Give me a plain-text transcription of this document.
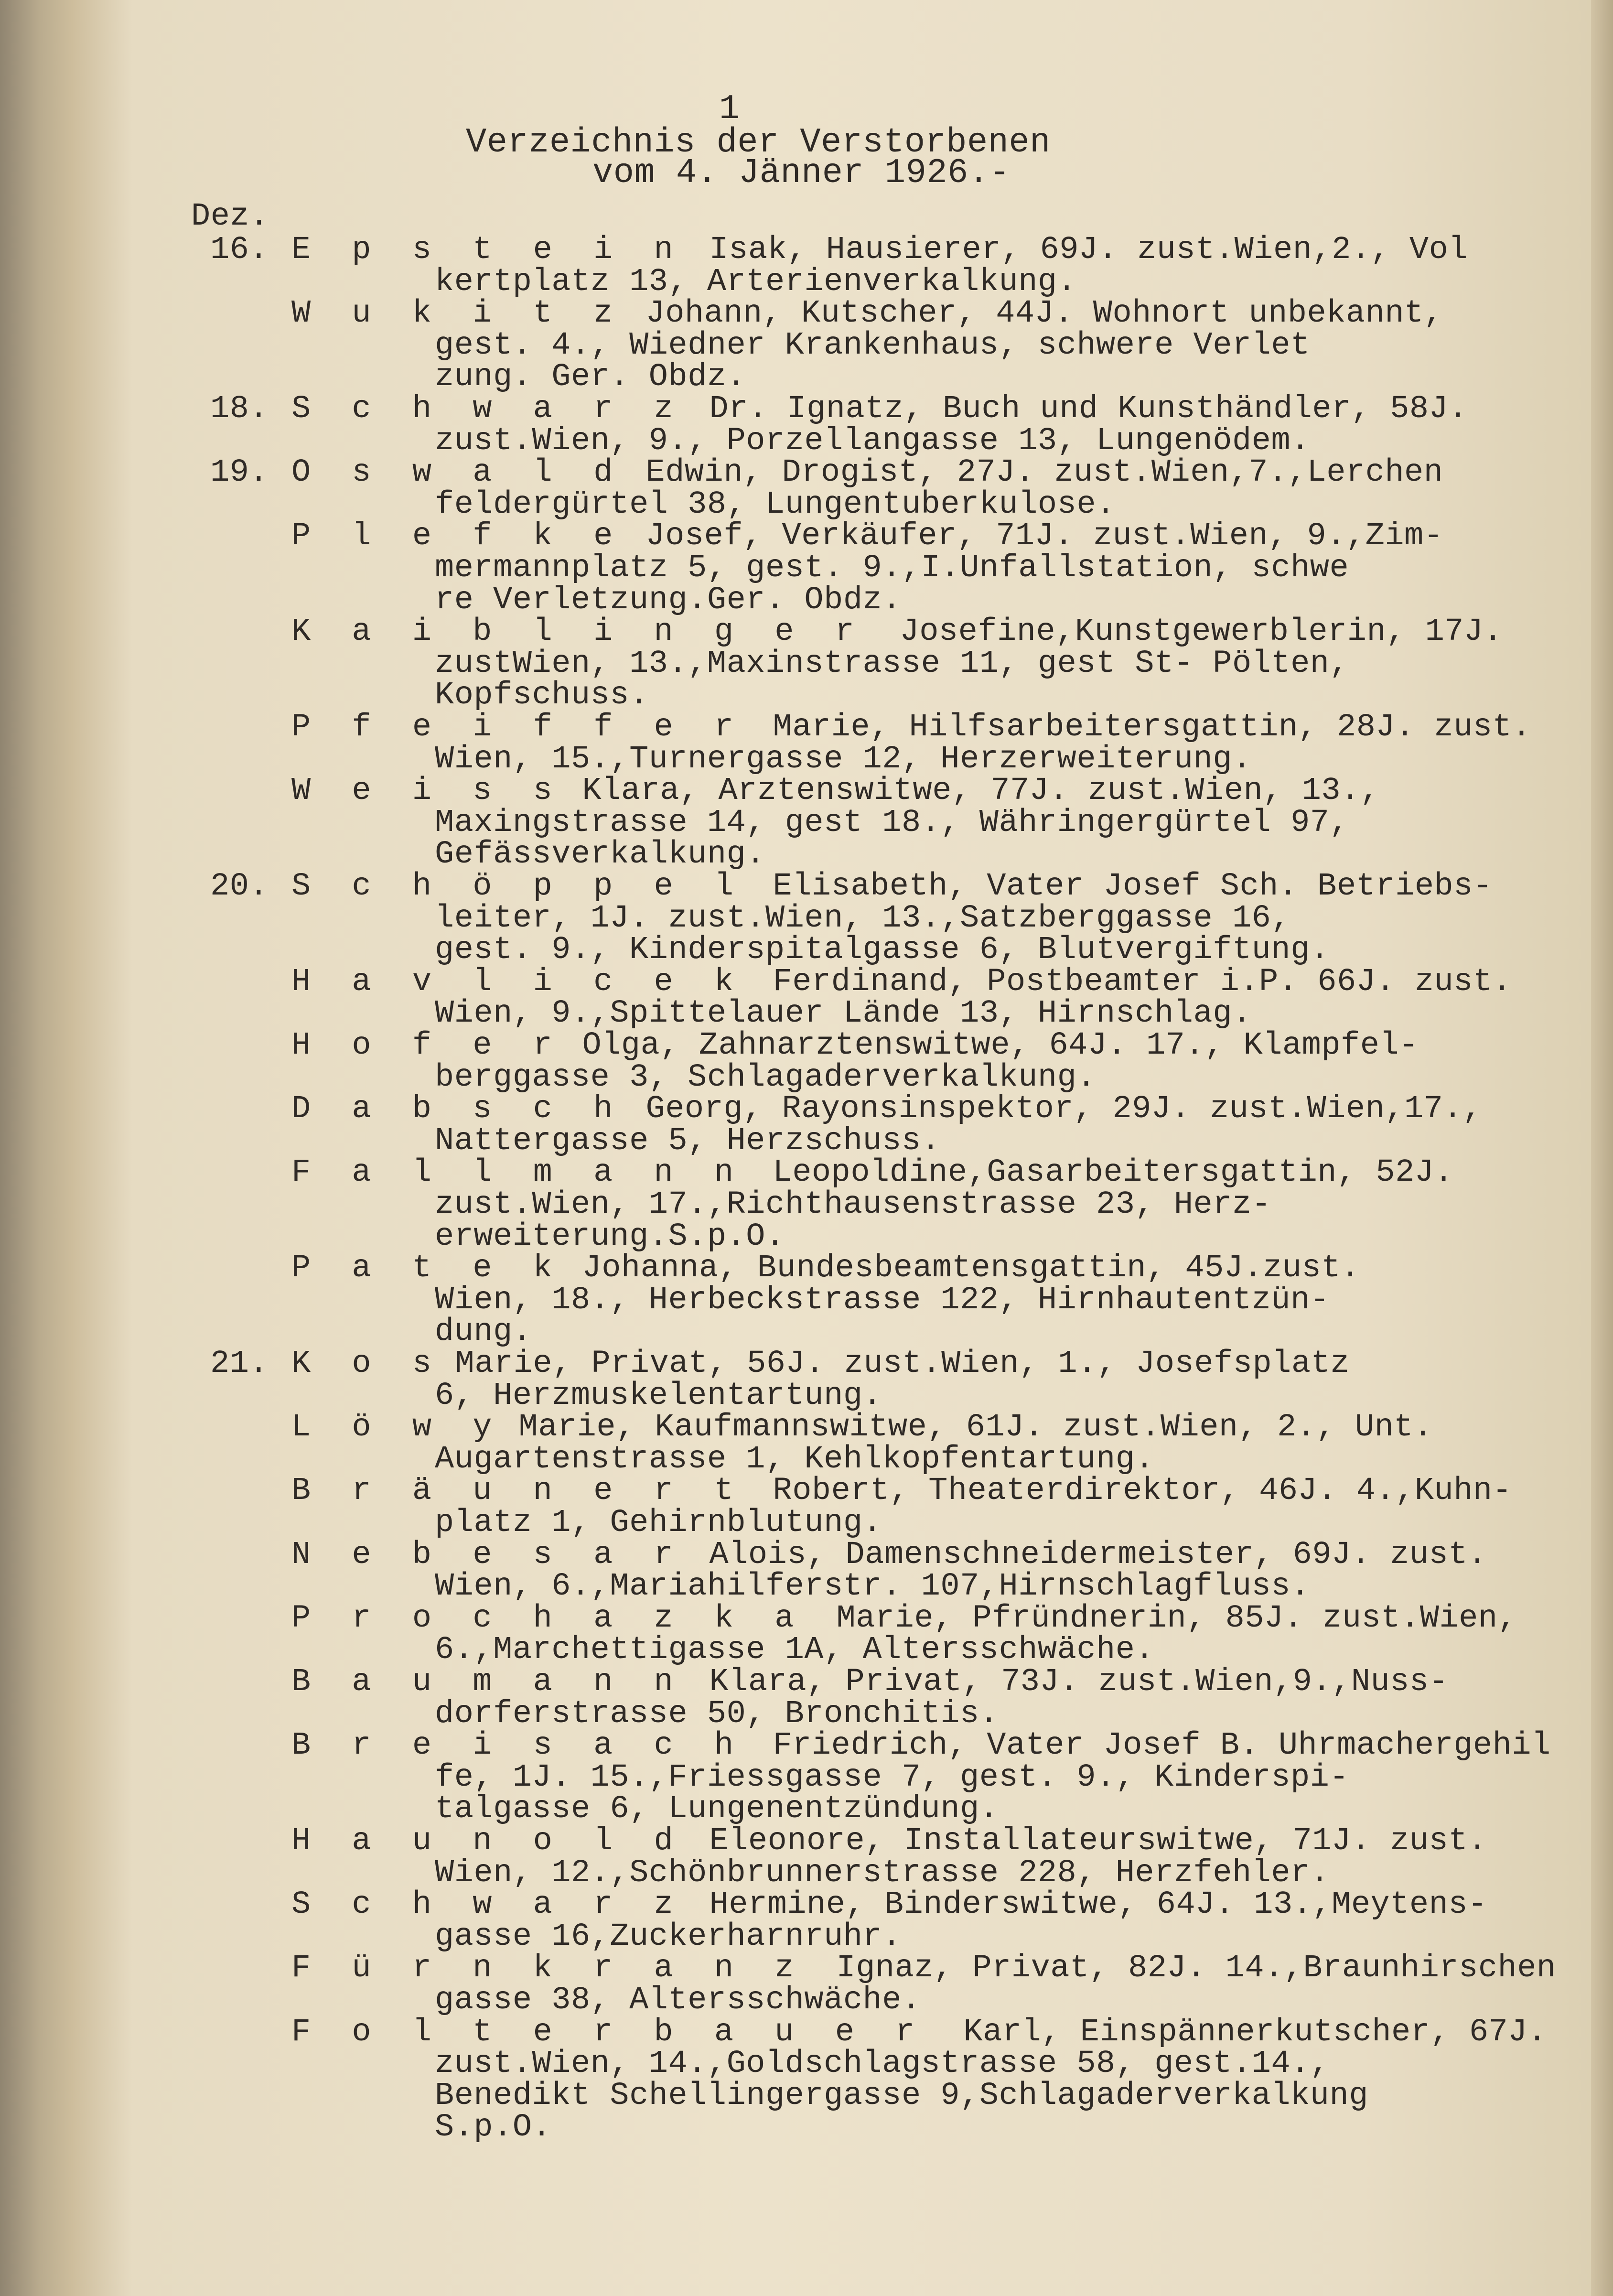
1
Verzeichnis der Verstorbenen
vom 4. Jänner 1926.-
Dez.
16. E p s t e i n Isak, Hausierer, 69J. zust.Wien,2., Vol
kertplatz 13, Arterienverkalkung.
W u k i t z Johann, Kutscher, 44J. Wohnort unbekannt,
gest. 4., Wiedner Krankenhaus, schwere Verlet
zung. Ger. Obdz.
18. S c h w a r z Dr. Ignatz, Buch und Kunsthändler, 58J.
zust.Wien, 9., Porzellangasse 13, Lungenödem.
19. O s w a l d Edwin, Drogist, 27J. zust.Wien,7.,Lerchen
feldergürtel 38, Lungentuberkulose.
P l e f k e Josef, Verkäufer, 71J. zust.Wien, 9.,Zim-
mermannplatz 5, gest. 9.,I.Unfallstation, schwe
re Verletzung.Ger. Obdz.
K a i b l i n g e r Josefine,Kunstgewerblerin, 17J.
zustWien, 13.,Maxinstrasse 11, gest St- Pölten,
Kopfschuss.
P f e i f f e r Marie, Hilfsarbeitersgattin, 28J. zust.
Wien, 15.,Turnergasse 12, Herzerweiterung.
W e i s s Klara, Arztenswitwe, 77J. zust.Wien, 13.,
Maxingstrasse 14, gest 18., Währingergürtel 97,
Gefässverkalkung.
20. S c h ö p p e l Elisabeth, Vater Josef Sch. Betriebs-
leiter, 1J. zust.Wien, 13.,Satzberggasse 16,
gest. 9., Kinderspitalgasse 6, Blutvergiftung.
H a v l i c e k Ferdinand, Postbeamter i.P. 66J. zust.
Wien, 9.,Spittelauer Lände 13, Hirnschlag.
H o f e r Olga, Zahnarztenswitwe, 64J. 17., Klampfel-
berggasse 3, Schlagaderverkalkung.
D a b s c h Georg, Rayonsinspektor, 29J. zust.Wien,17.,
Nattergasse 5, Herzschuss.
F a l l m a n n Leopoldine,Gasarbeitersgattin, 52J.
zust.Wien, 17.,Richthausenstrasse 23, Herz-
erweiterung.S.p.O.
P a t e k Johanna, Bundesbeamtensgattin, 45J.zust.
Wien, 18., Herbeckstrasse 122, Hirnhautentzün-
dung.
21. K o s Marie, Privat, 56J. zust.Wien, 1., Josefsplatz
6, Herzmuskelentartung.
L ö w y Marie, Kaufmannswitwe, 61J. zust.Wien, 2., Unt.
Augartenstrasse 1, Kehlkopfentartung.
B r ä u n e r t Robert, Theaterdirektor, 46J. 4.,Kuhn-
platz 1, Gehirnblutung.
N e b e s a r Alois, Damenschneidermeister, 69J. zust.
Wien, 6.,Mariahilferstr. 107,Hirnschlagfluss.
P r o c h a z k a Marie, Pfründnerin, 85J. zust.Wien,
6.,Marchettigasse 1A, Altersschwäche.
B a u m a n n Klara, Privat, 73J. zust.Wien,9.,Nuss-
dorferstrasse 50, Bronchitis.
B r e i s a c h Friedrich, Vater Josef B. Uhrmachergehil
fe, 1J. 15.,Friessgasse 7, gest. 9., Kinderspi-
talgasse 6, Lungenentzündung.
H a u n o l d Eleonore, Installateurswitwe, 71J. zust.
Wien, 12.,Schönbrunnerstrasse 228, Herzfehler.
S c h w a r z Hermine, Binderswitwe, 64J. 13.,Meytens-
gasse 16,Zuckerharnruhr.
F ü r n k r a n z Ignaz, Privat, 82J. 14.,Braunhirschen
gasse 38, Altersschwäche.
F o l t e r b a u e r Karl, Einspännerkutscher, 67J.
zust.Wien, 14.,Goldschlagstrasse 58, gest.14.,
Benedikt Schellingergasse 9,Schlagaderverkalkung
S.p.O.
